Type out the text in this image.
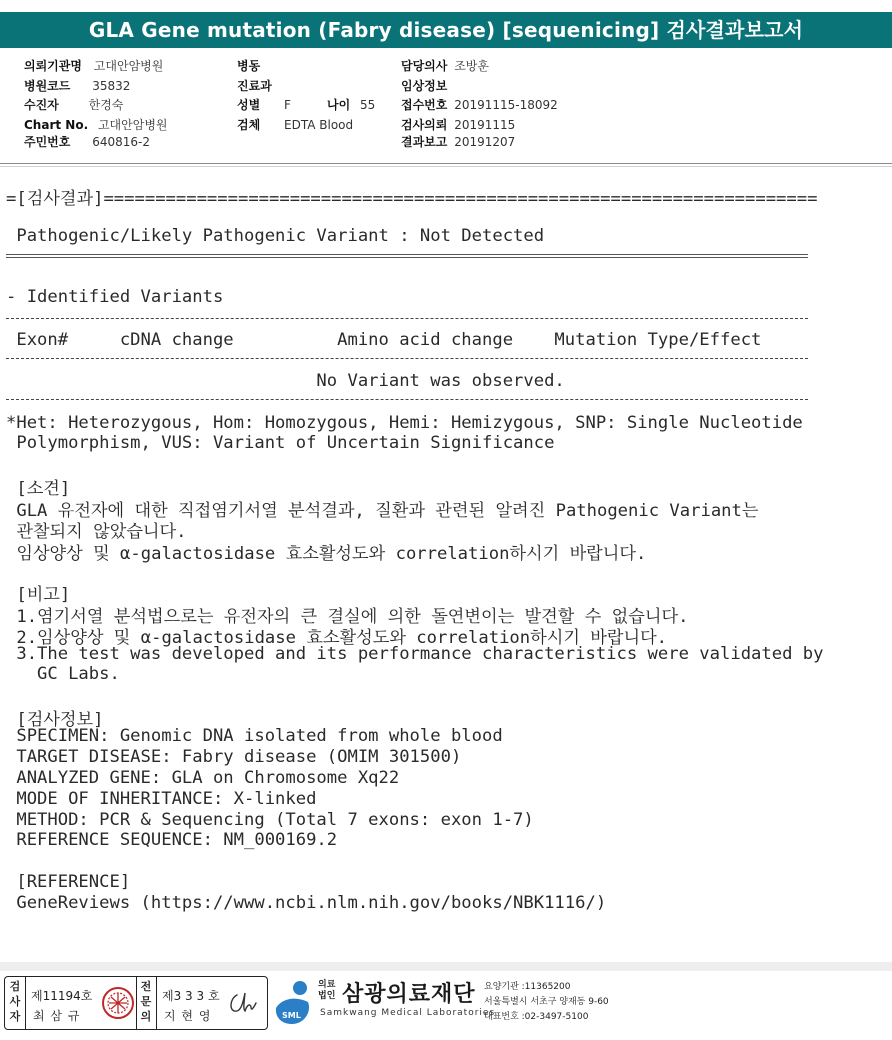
GLA Gene mutation (Fabry disease) [sequenicing] 검사결과보고서
의뢰기관명 고대안암병원
병원코드 35832
수진자 한경숙
Chart No. 고대안암병원
주민번호 640816-2
병동
진료과
성별 F	나이 55
검체 EDTA Blood
담당의사 조방훈
임상정보
접수번호 20191115-18092
검사의뢰 20191115
결과보고 20191207
=[검사결과]=====================================================================
Pathogenic/Likely Pathogenic Variant : Not Detected
- Identified Variants
Exon#     cDNA change          Amino acid change    Mutation Type/Effect
No Variant was observed.
*Het: Heterozygous, Hom: Homozygous, Hemi: Hemizygous, SNP: Single Nucleotide
Polymorphism, VUS: Variant of Uncertain Significance
[소견]
GLA 유전자에 대한 직접염기서열 분석결과, 질환과 관련된 알려진 Pathogenic Variant는
관찰되지 않았습니다.
임상양상 및 α-galactosidase 효소활성도와 correlation하시기 바랍니다.
[비고]
1.염기서열 분석법으로는 유전자의 큰 결실에 의한 돌연변이는 발견할 수 없습니다.
2.임상양상 및 α-galactosidase 효소활성도와 correlation하시기 바랍니다.
3.The test was developed and its performance characteristics were validated by
GC Labs.
[검사정보]
SPECIMEN: Genomic DNA isolated from whole blood
TARGET DISEASE: Fabry disease (OMIM 301500)
ANALYZED GENE: GLA on Chromosome Xq22
MODE OF INHERITANCE: X-linked
METHOD: PCR & Sequencing (Total 7 exons: exon 1-7)
REFERENCE SEQUENCE: NM_000169.2
[REFERENCE]
GeneReviews (https://www.ncbi.nlm.nih.gov/books/NBK1116/)
검사자
제11194호
최 삼 규
전문의
제3 3 3 호
지 현 영	SML
의료법인 삼광의료재단
Samkwang Medical Laboratories
요양기관 :11365200
서울특별시 서초구 양재동 9-60
대표번호 :02-3497-5100
